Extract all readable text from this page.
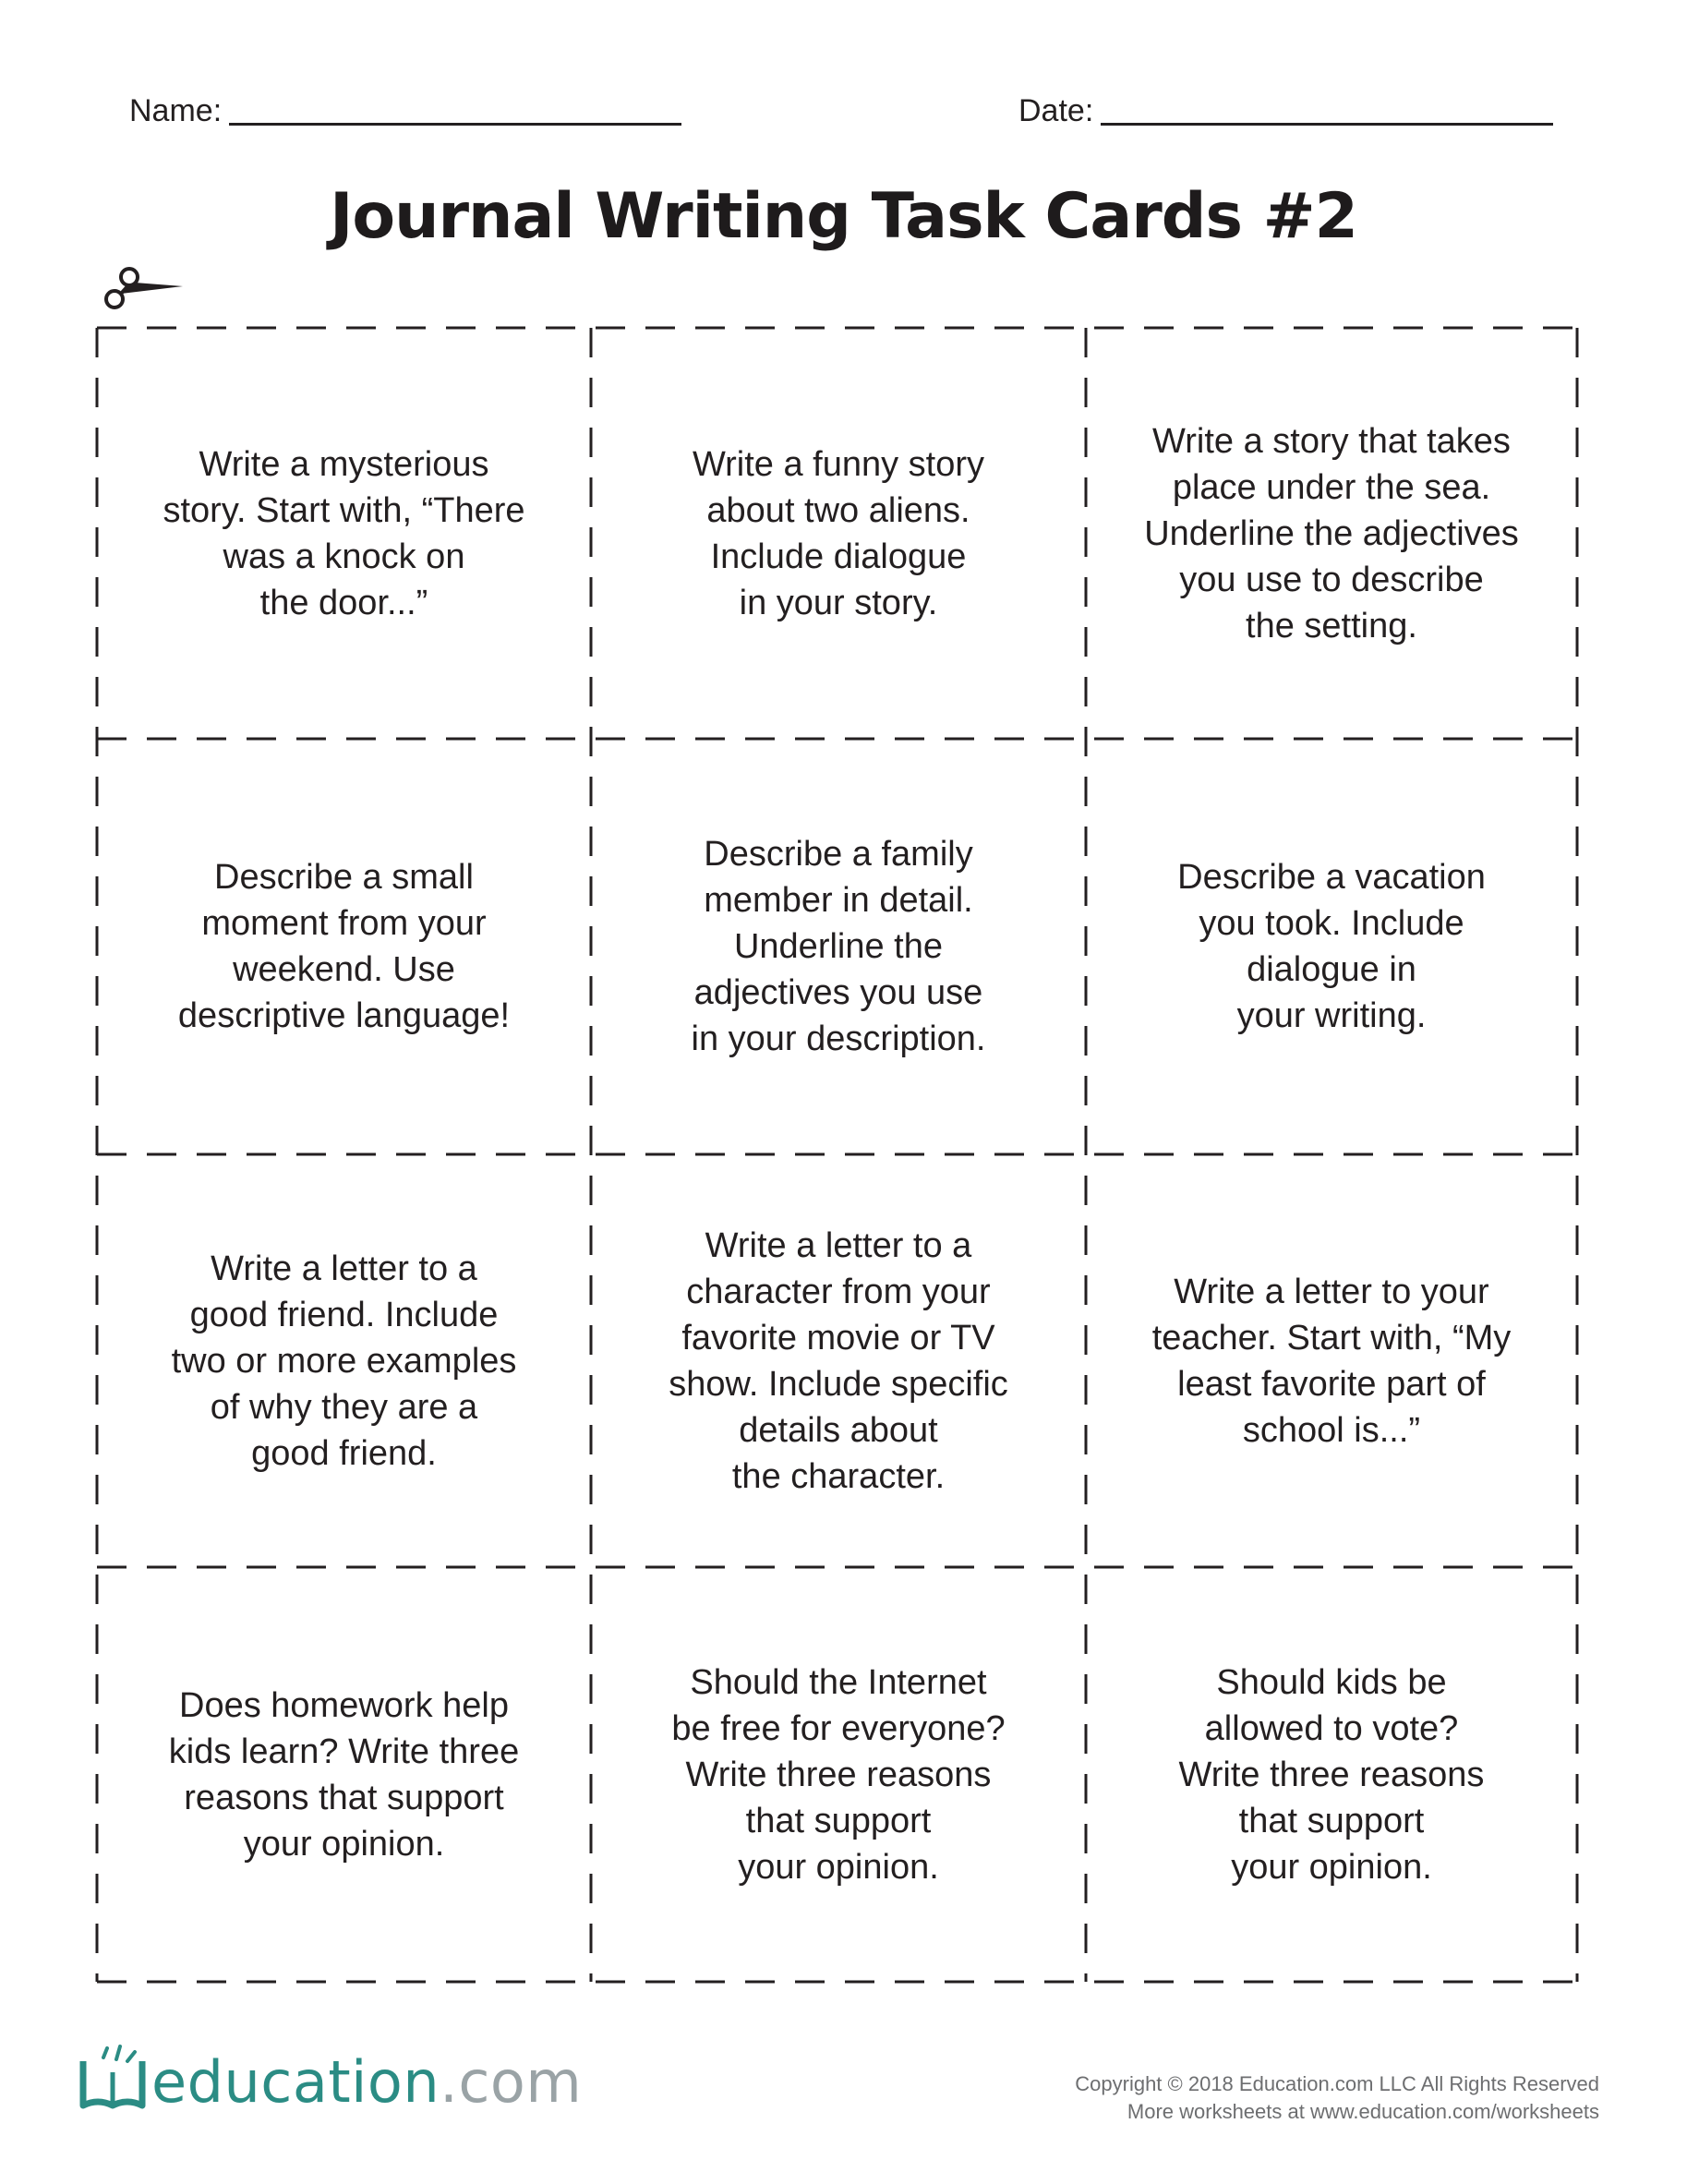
Name:	Date:
Journal Writing Task Cards #2
Write a mysterious
story. Start with, “There
was a knock on
the door...”
Write a funny story
about two aliens.
Include dialogue
in your story.
Write a story that takes
place under the sea.
Underline the adjectives
you use to describe
the setting.
Describe a small
moment from your
weekend. Use
descriptive language!
Describe a family
member in detail.
Underline the
adjectives you use
in your description.
Describe a vacation
you took. Include
dialogue in
your writing.
Write a letter to a
good friend. Include
two or more examples
of why they are a
good friend.
Write a letter to a
character from your
favorite movie or TV
show. Include specific
details about
the character.
Write a letter to your
teacher. Start with, “My
least favorite part of
school is...”
Does homework help
kids learn? Write three
reasons that support
your opinion.
Should the Internet
be free for everyone?
Write three reasons
that support
your opinion.
Should kids be
allowed to vote?
Write three reasons
that support
your opinion.
education.com	Copyright © 2018 Education.com LLC All Rights Reserved
More worksheets at www.education.com/worksheets
